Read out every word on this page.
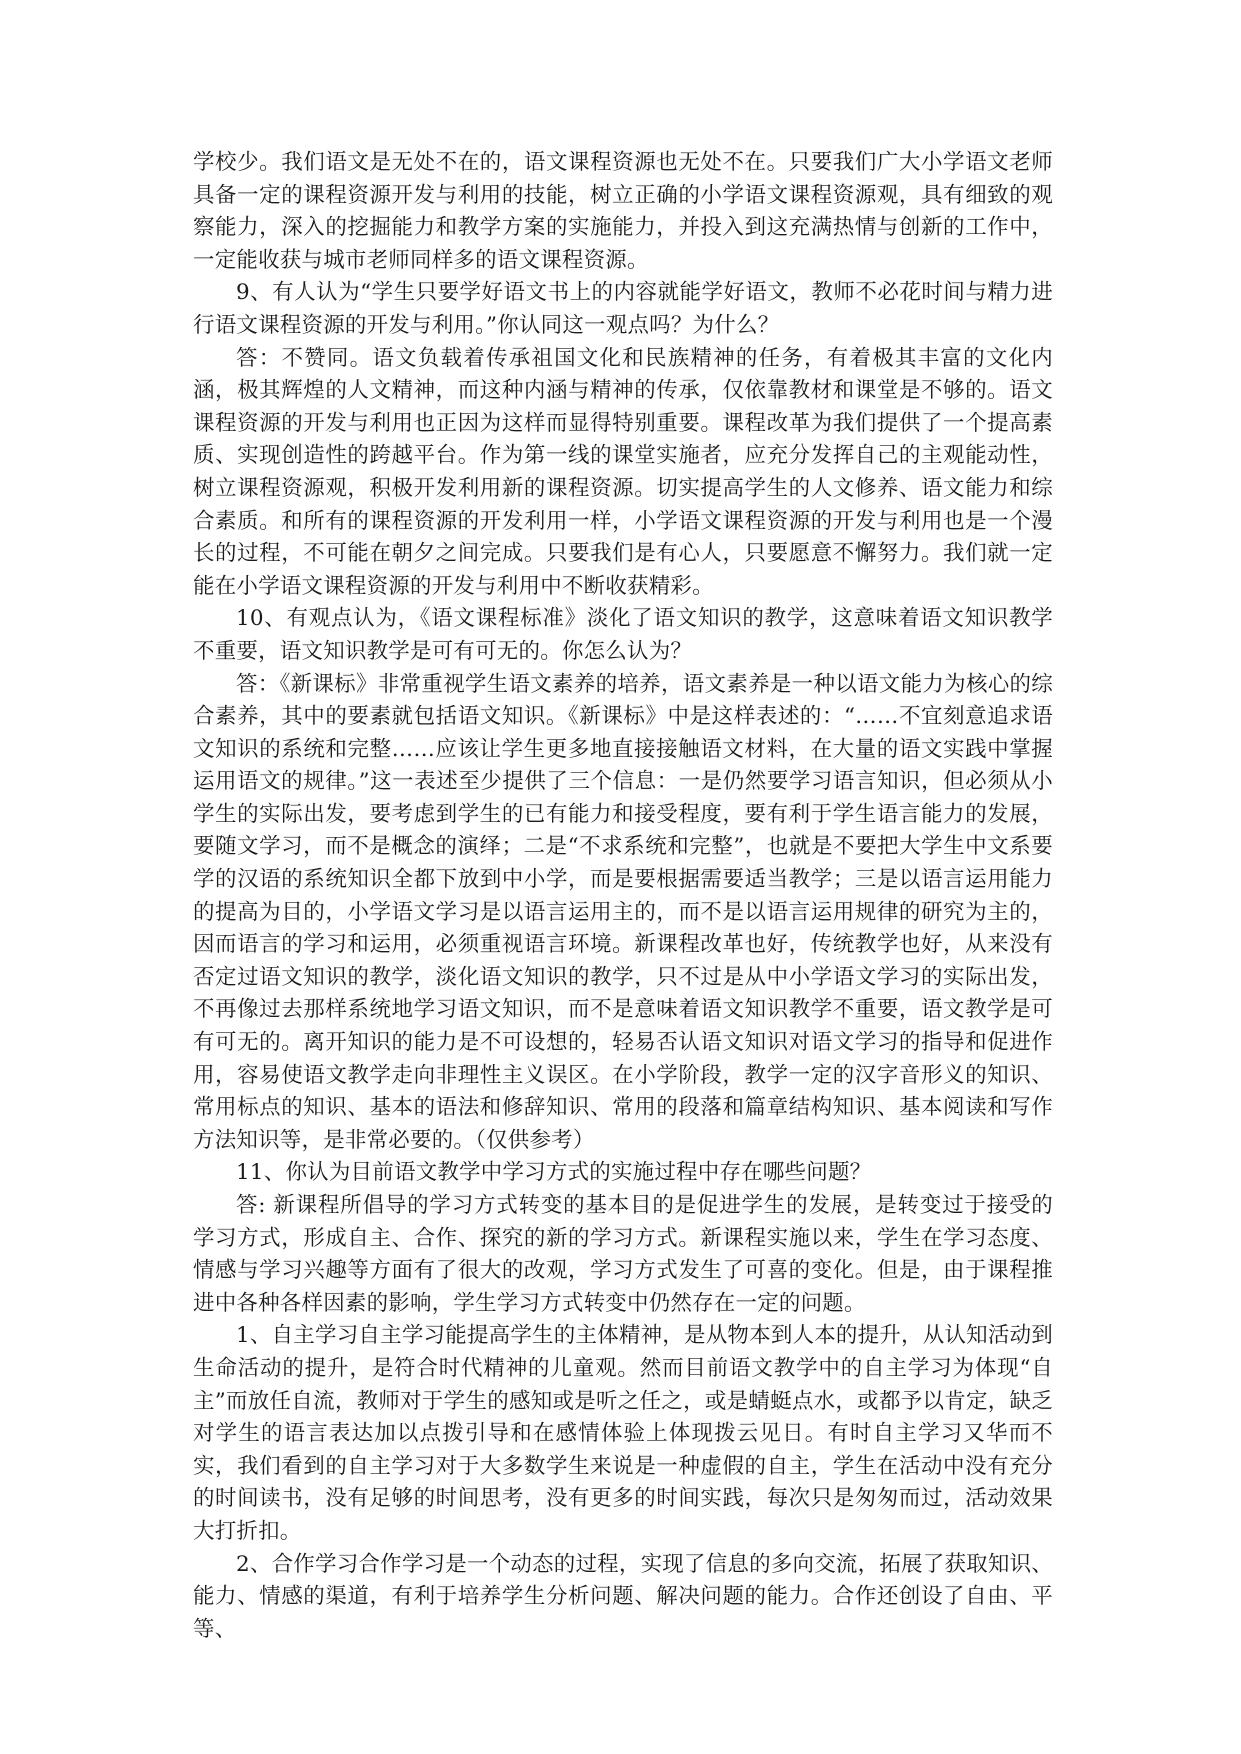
学校少。我们语文是无处不在的，语文课程资源也无处不在。只要我们广大小学语文老师具备一定的课程资源开发与利用的技能，树立正确的小学语文课程资源观，具有细致的观察能力，深入的挖掘能力和教学方案的实施能力，并投入到这充满热情与创新的工作中，一定能收获与城市老师同样多的语文课程资源。

9、有人认为“学生只要学好语文书上的内容就能学好语文，教师不必花时间与精力进行语文课程资源的开发与利用。”你认同这一观点吗？为什么？

答：不赞同。语文负载着传承祖国文化和民族精神的任务，有着极其丰富的文化内涵，极其辉煌的人文精神，而这种内涵与精神的传承，仅依靠教材和课堂是不够的。语文课程资源的开发与利用也正因为这样而显得特别重要。课程改革为我们提供了一个提高素质、实现创造性的跨越平台。作为第一线的课堂实施者，应充分发挥自己的主观能动性，树立课程资源观，积极开发利用新的课程资源。切实提高学生的人文修养、语文能力和综合素质。和所有的课程资源的开发利用一样，小学语文课程资源的开发与利用也是一个漫长的过程，不可能在朝夕之间完成。只要我们是有心人，只要愿意不懈努力。我们就一定能在小学语文课程资源的开发与利用中不断收获精彩。

10、有观点认为，《语文课程标准》淡化了语文知识的教学，这意味着语文知识教学不重要，语文知识教学是可有可无的。你怎么认为？

答：《新课标》非常重视学生语文素养的培养，语文素养是一种以语文能力为核心的综合素养，其中的要素就包括语文知识。《新课标》中是这样表述的：“……不宜刻意追求语文知识的系统和完整……应该让学生更多地直接接触语文材料，在大量的语文实践中掌握运用语文的规律。”这一表述至少提供了三个信息：一是仍然要学习语言知识，但必须从小学生的实际出发，要考虑到学生的已有能力和接受程度，要有利于学生语言能力的发展，要随文学习，而不是概念的演绎；二是“不求系统和完整”，也就是不要把大学生中文系要学的汉语的系统知识全都下放到中小学，而是要根据需要适当教学；三是以语言运用能力的提高为目的，小学语文学习是以语言运用主的，而不是以语言运用规律的研究为主的，因而语言的学习和运用，必须重视语言环境。新课程改革也好，传统教学也好，从来没有否定过语文知识的教学，淡化语文知识的教学，只不过是从中小学语文学习的实际出发，不再像过去那样系统地学习语文知识，而不是意味着语文知识教学不重要，语文教学是可有可无的。离开知识的能力是不可设想的，轻易否认语文知识对语文学习的指导和促进作用，容易使语文教学走向非理性主义误区。在小学阶段，教学一定的汉字音形义的知识、常用标点的知识、基本的语法和修辞知识、常用的段落和篇章结构知识、基本阅读和写作方法知识等，是非常必要的。（仅供参考）

11、你认为目前语文教学中学习方式的实施过程中存在哪些问题？

答: 新课程所倡导的学习方式转变的基本目的是促进学生的发展，是转变过于接受的学习方式，形成自主、合作、探究的新的学习方式。新课程实施以来，学生在学习态度、情感与学习兴趣等方面有了很大的改观，学习方式发生了可喜的变化。但是，由于课程推进中各种各样因素的影响，学生学习方式转变中仍然存在一定的问题。

1、自主学习自主学习能提高学生的主体精神，是从物本到人本的提升，从认知活动到生命活动的提升，是符合时代精神的儿童观。然而目前语文教学中的自主学习为体现“自主”而放任自流，教师对于学生的感知或是听之任之，或是蜻蜓点水，或都予以肯定，缺乏对学生的语言表达加以点拨引导和在感情体验上体现拨云见日。有时自主学习又华而不实，我们看到的自主学习对于大多数学生来说是一种虚假的自主，学生在活动中没有充分的时间读书，没有足够的时间思考，没有更多的时间实践，每次只是匆匆而过，活动效果大打折扣。

2、合作学习合作学习是一个动态的过程，实现了信息的多向交流，拓展了获取知识、能力、情感的渠道，有利于培养学生分析问题、解决问题的能力。合作还创设了自由、平等、
